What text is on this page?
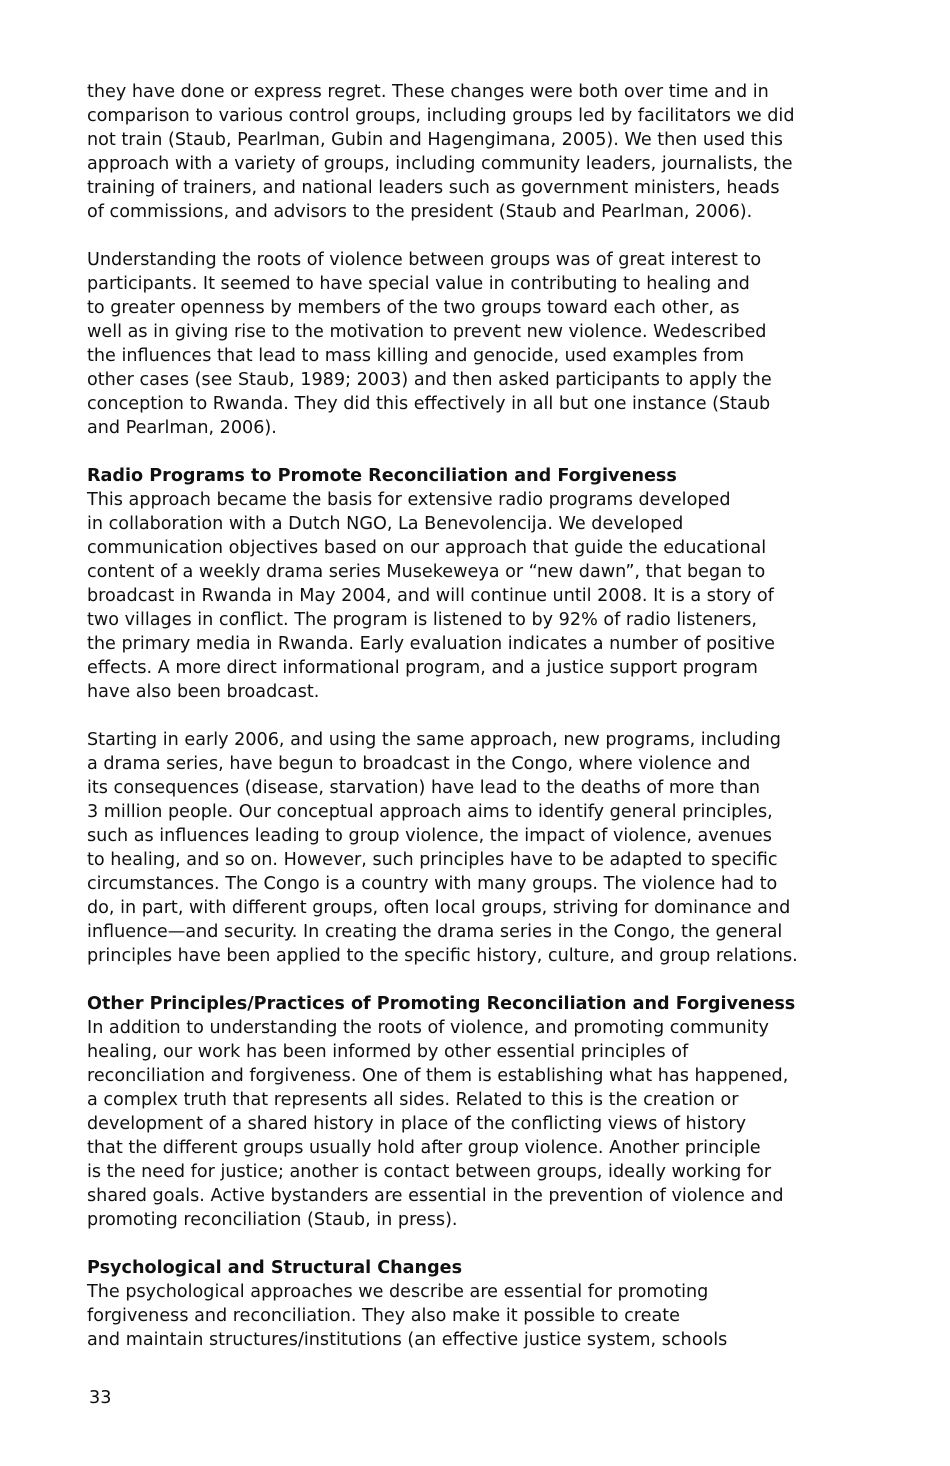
they have done or express regret. These changes were both over time and in
comparison to various control groups, including groups led by facilitators we did
not train (Staub, Pearlman, Gubin and Hagengimana, 2005). We then used this
approach with a variety of groups, including community leaders, journalists, the
training of trainers, and national leaders such as government ministers, heads
of commissions, and advisors to the president (Staub and Pearlman, 2006).
Understanding the roots of violence between groups was of great interest to
participants. It seemed to have special value in contributing to healing and
to greater openness by members of the two groups toward each other, as
well as in giving rise to the motivation to prevent new violence. Wedescribed
the influences that lead to mass killing and genocide, used examples from
other cases (see Staub, 1989; 2003) and then asked participants to apply the
conception to Rwanda. They did this effectively in all but one instance (Staub
and Pearlman, 2006).
Radio Programs to Promote Reconciliation and Forgiveness
This approach became the basis for extensive radio programs developed
in collaboration with a Dutch NGO, La Benevolencija. We developed
communication objectives based on our approach that guide the educational
content of a weekly drama series Musekeweya or “new dawn”, that began to
broadcast in Rwanda in May 2004, and will continue until 2008. It is a story of
two villages in conflict. The program is listened to by 92% of radio listeners,
the primary media in Rwanda. Early evaluation indicates a number of positive
effects. A more direct informational program, and a justice support program
have also been broadcast.
Starting in early 2006, and using the same approach, new programs, including
a drama series, have begun to broadcast in the Congo, where violence and
its consequences (disease, starvation) have lead to the deaths of more than
3 million people. Our conceptual approach aims to identify general principles,
such as influences leading to group violence, the impact of violence, avenues
to healing, and so on. However, such principles have to be adapted to specific
circumstances. The Congo is a country with many groups. The violence had to
do, in part, with different groups, often local groups, striving for dominance and
influence—and security. In creating the drama series in the Congo, the general
principles have been applied to the specific history, culture, and group relations.
Other Principles/Practices of Promoting Reconciliation and Forgiveness
In addition to understanding the roots of violence, and promoting community
healing, our work has been informed by other essential principles of
reconciliation and forgiveness. One of them is establishing what has happened,
a complex truth that represents all sides. Related to this is the creation or
development of a shared history in place of the conflicting views of history
that the different groups usually hold after group violence. Another principle
is the need for justice; another is contact between groups, ideally working for
shared goals. Active bystanders are essential in the prevention of violence and
promoting reconciliation (Staub, in press).
Psychological and Structural Changes
The psychological approaches we describe are essential for promoting
forgiveness and reconciliation. They also make it possible to create
and maintain structures/institutions (an effective justice system, schools
33
